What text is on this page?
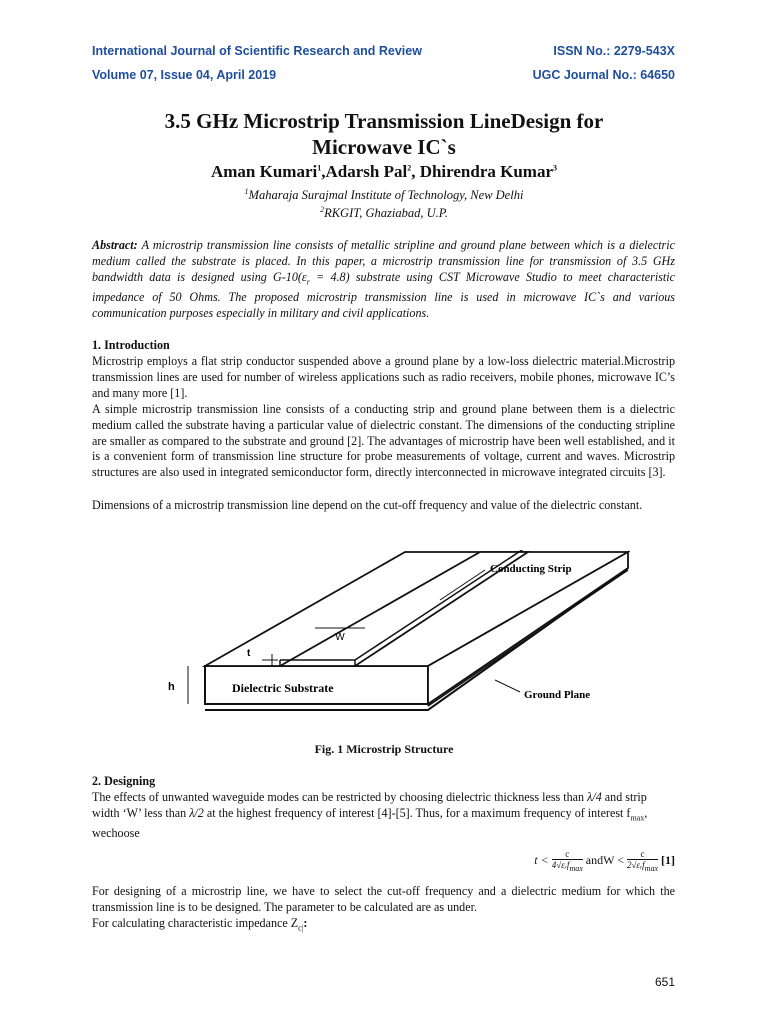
International Journal of Scientific Research and Review	ISSN No.: 2279-543X
Volume 07, Issue 04, April 2019	UGC Journal No.: 64650
3.5 GHz Microstrip Transmission LineDesign for
Microwave IC`s
Aman Kumari$^1$,Adarsh Pal$^2$, Dhirendra Kumar$^3$
$^1$Maharaja Surajmal Institute of Technology, New Delhi
$^2$RKGIT, Ghaziabad, U.P.
Abstract: A microstrip transmission line consists of metallic stripline and ground plane between which is a dielectric medium called the substrate is placed. In this paper, a microstrip transmission line for transmission of 3.5 GHz bandwidth data is designed using $G-10(\varepsilon_r = 4.8)$ substrate using CST Microwave Studio to meet characteristic impedance of 50 Ohms. The proposed microstrip transmission line is used in microwave IC`s and various communication purposes especially in military and civil applications.
1. Introduction
Microstrip employs a flat strip conductor suspended above a ground plane by a low-loss dielectric material.Microstrip transmission lines are used for number of wireless applications such as radio receivers, mobile phones, microwave IC’s and many more [1].
A simple microstrip transmission line consists of a conducting strip and ground plane between them is a dielectric medium called the substrate having a particular value of dielectric constant. The dimensions of the conducting stripline are smaller as compared to the substrate and ground [2]. The advantages of microstrip have been well established, and it is a convenient form of transmission line structure for probe measurements of voltage, current and waves. Microstrip structures are also used in integrated semiconductor form, directly interconnected in microwave integrated circuits [3].
Dimensions of a microstrip transmission line depend on the cut-off frequency and value of the dielectric constant.
W
t
h	Dielectric Substrate
Conducting Strip
Ground Plane
Fig. 1 Microstrip Structure
2. Designing
The effects of unwanted waveguide modes can be restricted by choosing dielectric thickness less than λ/4 and strip width ‘W’ less than λ/2 at the highest frequency of interest [4]-[5]. Thus, for a maximum frequency of interest $f_{max}$, wechoose
$t < \frac{c}{4√\varepsilon ᵣf_{max}}$ andW < $\frac{c}{2√\varepsilon ᵣf_{max}} [1]$
For designing of a microstrip line, we have to select the cut-off frequency and a dielectric medium for which the transmission line is to be designed. The parameter to be calculated are as under.
For calculating characteristic impedance $Z_{c|}$:
651
